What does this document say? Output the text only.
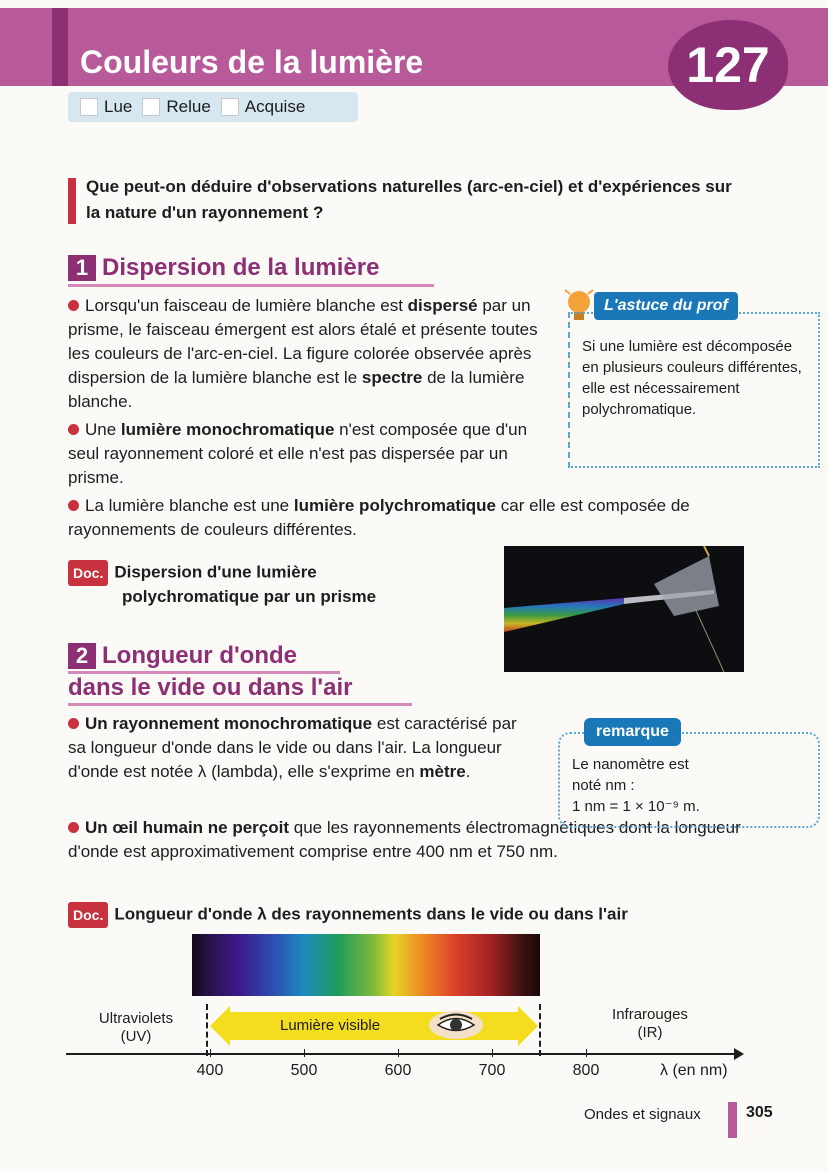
Couleurs de la lumière	127
Lue Relue Acquise
Que peut-on déduire d'observations naturelles (arc-en-ciel) et d'expériences sur la nature d'un rayonnement ?
1 Dispersion de la lumière
Lorsqu'un faisceau de lumière blanche est dispersé par un prisme, le faisceau émergent est alors étalé et présente toutes les couleurs de l'arc-en-ciel. La figure colorée observée après dispersion de la lumière blanche est le spectre de la lumière blanche.
Une lumière monochromatique n'est composée que d'un seul rayonnement coloré et elle n'est pas dispersée par un prisme.
La lumière blanche est une lumière polychromatique car elle est composée de rayonnements de couleurs différentes.
Si une lumière est décomposée en plusieurs couleurs différentes, elle est nécessairement polychromatique.
L'astuce du prof
Doc. Dispersion d'une lumière
polychromatique par un prisme
2 Longueur d'onde
dans le vide ou dans l'air
Un rayonnement monochromatique est caractérisé par sa longueur d'onde dans le vide ou dans l'air. La longueur d'onde est notée λ (lambda), elle s'exprime en mètre.
Un œil humain ne perçoit que les rayonnements électromagnétiques dont la longueur d'onde est approximativement comprise entre 400 nm et 750 nm.
Le nanomètre est
noté nm :
1 nm = 1 × 10⁻⁹ m.
remarque
Doc. Longueur d'onde λ des rayonnements dans le vide ou dans l'air
Ultraviolets
(UV)
Infrarouges
(IR)
Lumière visible
400	500	600	700	800	λ (en nm)
Ondes et signaux	305
